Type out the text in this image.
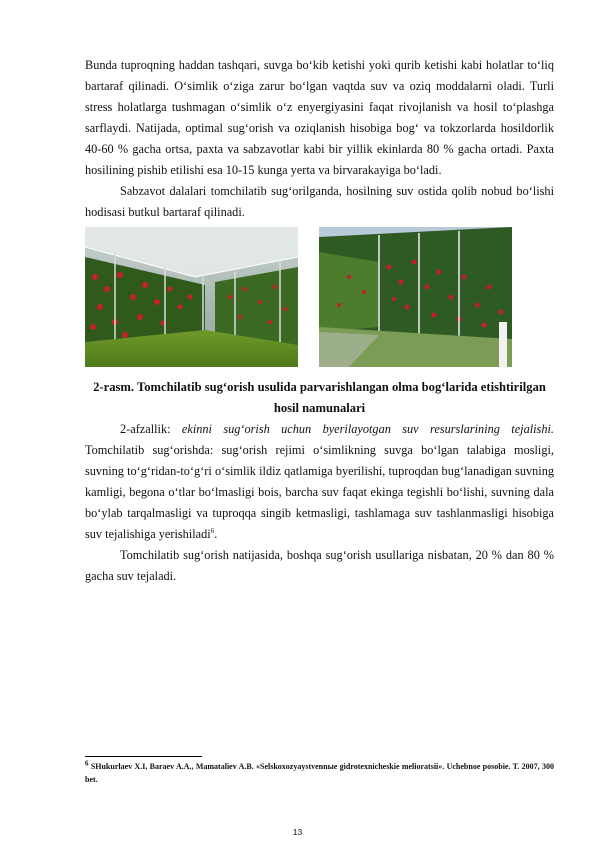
Bunda tuproqning haddan tashqari, suvga bo‘kib ketishi yoki qurib ketishi kabi holatlar to‘liq bartaraf qilinadi. O‘simlik o‘ziga zarur bo‘lgan vaqtda suv va oziq moddalarni oladi. Turli stress holatlarga tushmagan o‘simlik o‘z enyergiyasini faqat rivojlanish va hosil to‘plashga sarflaydi. Natijada, optimal sug‘orish va oziqlanish hisobiga bog‘ va tokzorlarda hosildorlik 40-60 % gacha ortsa, paxta va sabzavotlar kabi bir yillik ekinlarda 80 % gacha ortadi. Paxta hosilining pishib etilishi esa 10-15 kunga yerta va birvarakayiga bo‘ladi.

Sabzavot dalalari tomchilatib sug‘orilganda, hosilning suv ostida qolib nobud bo‘lishi hodisasi butkul bartaraf qilinadi.

2-rasm. Tomchilatib sug‘orish usulida parvarishlangan olma bog‘larida etishtirilgan hosil namunalari

2-afzallik: ekinni sug‘orish uchun byerilayotgan suv resurslarining tejalishi. Tomchilatib sug‘orishda: sug‘orish rejimi o‘simlikning suvga bo‘lgan talabiga mosligi, suvning to‘g‘ridan-to‘g‘ri o‘simlik ildiz qatlamiga byerilishi, tuproqdan bug‘lanadigan suvning kamligi, begona o‘tlar bo‘lmasligi bois, barcha suv faqat ekinga tegishli bo‘lishi, suvning dala bo‘ylab tarqalmasligi va tuproqqa singib ketmasligi, tashlamaga suv tashlanmasligi hisobiga suv tejalishiga yerishiladi$^6$.

Tomchilatib sug‘orish natijasida, boshqa sug‘orish usullariga nisbatan, 20 % dan 80 % gacha suv tejaladi.

$^6$ SHukurlaev X.I, Baraev A.A., Mamataliev A.B. «Selskoxozyaystvennыe gidrotexnicheskie melioratsii». Uchebnoe posobie. T. 2007, 300 bet.
13
